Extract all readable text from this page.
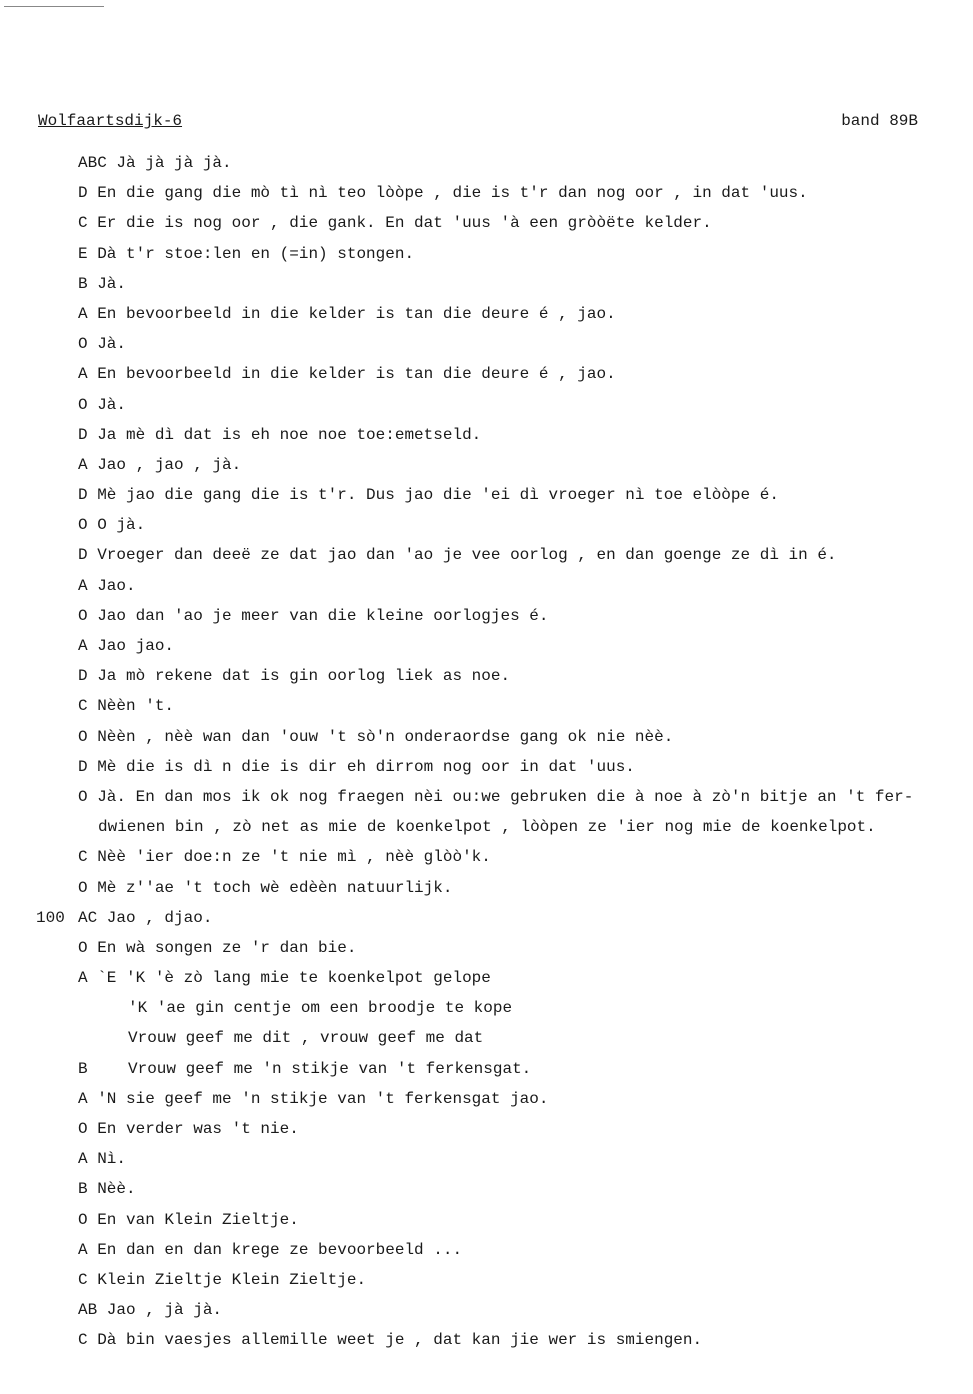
Wolfaartsdijk-6	band 89B
ABC Jà jà jà jà.
D En die gang die mò tì nì teo lòòpe , die is t'r dan nog oor , in dat 'uus.
C Er die is nog oor , die gank. En dat 'uus 'à een gròòëte kelder.
E Dà t'r stoe:len en (=in) stongen.
B Jà.
A En bevoorbeeld in die kelder is tan die deure é , jao.
O Jà.
A En bevoorbeeld in die kelder is tan die deure é , jao.
O Jà.
D Ja mè dì dat is eh noe noe toe:emetseld.
A Jao , jao , jà.
D Mè jao die gang die is t'r. Dus jao die 'ei dì vroeger nì toe elòòpe é.
O O jà.
D Vroeger dan deeë ze dat jao dan 'ao je vee oorlog , en dan goenge ze dì in é.
A Jao.
O Jao dan 'ao je meer van die kleine oorlogjes é.
A Jao jao.
D Ja mò rekene dat is gin oorlog liek as noe.
C Nèèn 't.
O Nèèn , nèè wan dan 'ouw 't sò'n onderaordse gang ok nie nèè.
D Mè die is dì n die is dir eh dirrom nog oor in dat 'uus.
O Jà. En dan mos ik ok nog fraegen nèi ou:we gebruken die à noe à zò'n bitje an 't fer-
dwienen bin , zò net as mie de koenkelpot , lòòpen ze 'ier nog mie de koenkelpot.
C Nèè 'ier doe:n ze 't nie mì , nèè glòò'k.
O Mè z''ae 't toch wè edèèn natuurlijk.
100 AC Jao , djao.
O En wà songen ze 'r dan bie.
A `E 'K 'è zò lang mie te koenkelpot gelope
'K 'ae gin centje om een broodje te kope
Vrouw geef me dit , vrouw geef me dat
B	Vrouw geef me 'n stikje van 't ferkensgat.
A 'N sie geef me 'n stikje van 't ferkensgat jao.
O En verder was 't nie.
A Nì.
B Nèè.
O En van Klein Zieltje.
A En dan en dan krege ze bevoorbeeld ...
C Klein Zieltje Klein Zieltje.
AB Jao , jà jà.
C Dà bin vaesjes allemille weet je , dat kan jie wer is smiengen.
